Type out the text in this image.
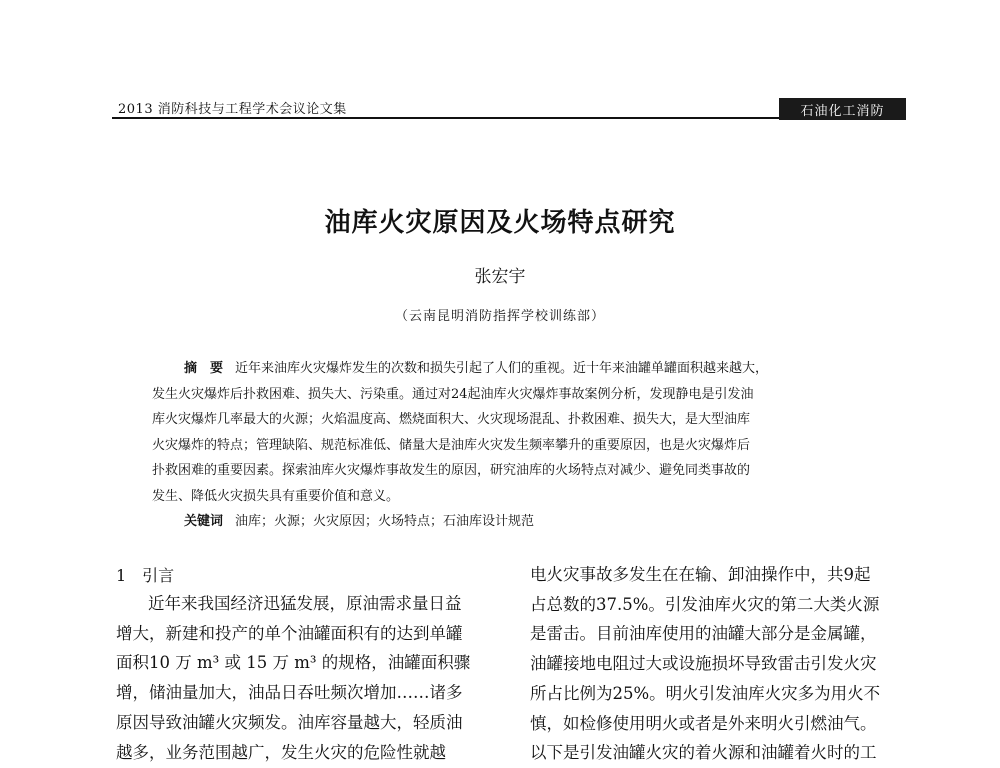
2013 消防科技与工程学术会议论文集	石油化工消防
油库火灾原因及火场特点研究
张宏宇
（云南昆明消防指挥学校训练部）
摘　要 近年来油库火灾爆炸发生的次数和损失引起了人们的重视。近十年来油罐单罐面积越来越大，
发生火灾爆炸后扑救困难、损失大、污染重。通过对24起油库火灾爆炸事故案例分析，发现静电是引发油
库火灾爆炸几率最大的火源；火焰温度高、燃烧面积大、火灾现场混乱、扑救困难、损失大，是大型油库
火灾爆炸的特点；管理缺陷、规范标准低、储量大是油库火灾发生频率攀升的重要原因，也是火灾爆炸后
扑救困难的重要因素。探索油库火灾爆炸事故发生的原因，研究油库的火场特点对减少、避免同类事故的
发生、降低火灾损失具有重要价值和意义。
关键词 油库；火源；火灾原因；火场特点；石油库设计规范
1　引言
近年来我国经济迅猛发展，原油需求量日益
增大，新建和投产的单个油罐面积有的达到单罐
面积10 万 m³ 或 15 万 m³ 的规格，油罐面积骤
增，储油量加大，油品日吞吐频次增加……诸多
原因导致油罐火灾频发。油库容量越大，轻质油
越多，业务范围越广，发生火灾的危险性就越
电火灾事故多发生在在输、卸油操作中，共9起
占总数的37.5%。引发油库火灾的第二大类火源
是雷击。目前油库使用的油罐大部分是金属罐，
油罐接地电阻过大或设施损坏导致雷击引发火灾
所占比例为25%。明火引发油库火灾多为用火不
慎，如检修使用明火或者是外来明火引燃油气。
以下是引发油罐火灾的着火源和油罐着火时的工
